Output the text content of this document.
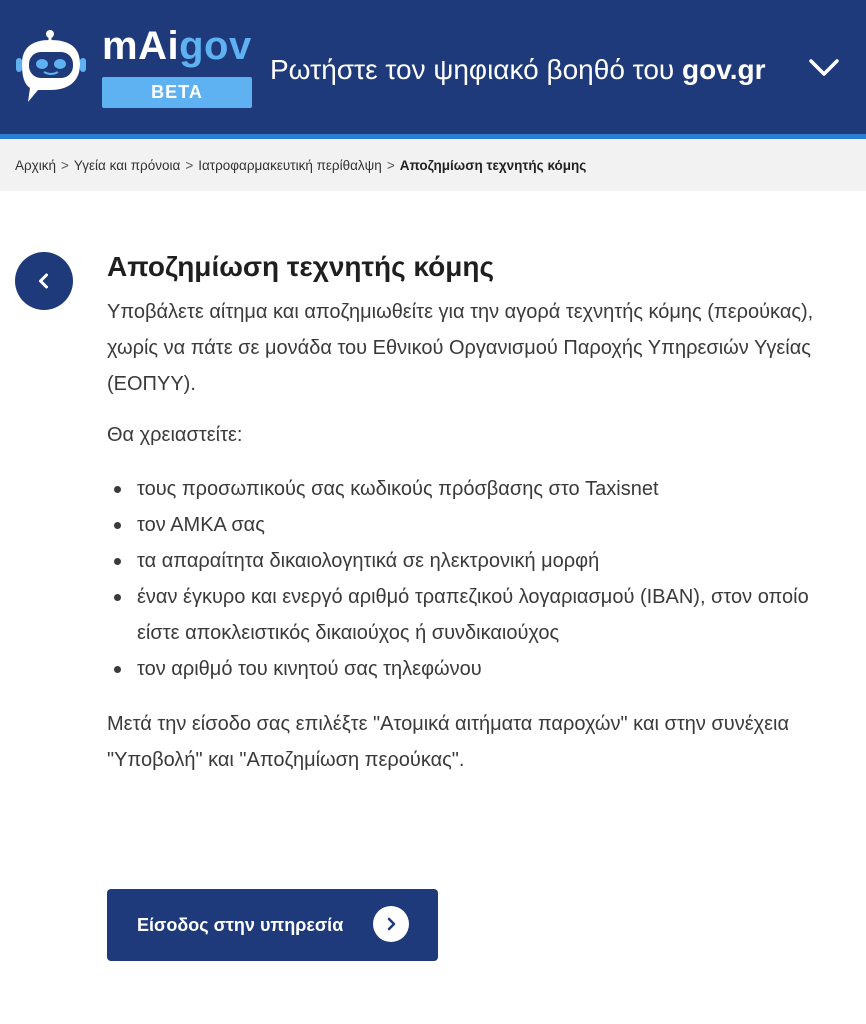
mAigov
BETA
Ρωτήστε τον ψηφιακό βοηθό του gov.gr
Αρχική > Υγεία και πρόνοια > Ιατροφαρμακευτική περίθαλψη > Αποζημίωση τεχνητής κόμης
Αποζημίωση τεχνητής κόμης

Υποβάλετε αίτημα και αποζημιωθείτε για την αγορά τεχνητής κόμης (περούκας), χωρίς να πάτε σε μονάδα του Εθνικού Οργανισμού Παροχής Υπηρεσιών Υγείας (ΕΟΠΥΥ).

Θα χρειαστείτε:

τους προσωπικούς σας κωδικούς πρόσβασης στο Taxisnet
τον ΑΜΚΑ σας
τα απαραίτητα δικαιολογητικά σε ηλεκτρονική μορφή
έναν έγκυρο και ενεργό αριθμό τραπεζικού λογαριασμού (IBAN), στον οποίο είστε αποκλειστικός δικαιούχος ή συνδικαιούχος
τον αριθμό του κινητού σας τηλεφώνου

Μετά την είσοδο σας επιλέξτε "Ατομικά αιτήματα παροχών" και στην συνέχεια "Υποβολή" και "Αποζημίωση περούκας".

Είσοδος στην υπηρεσία
